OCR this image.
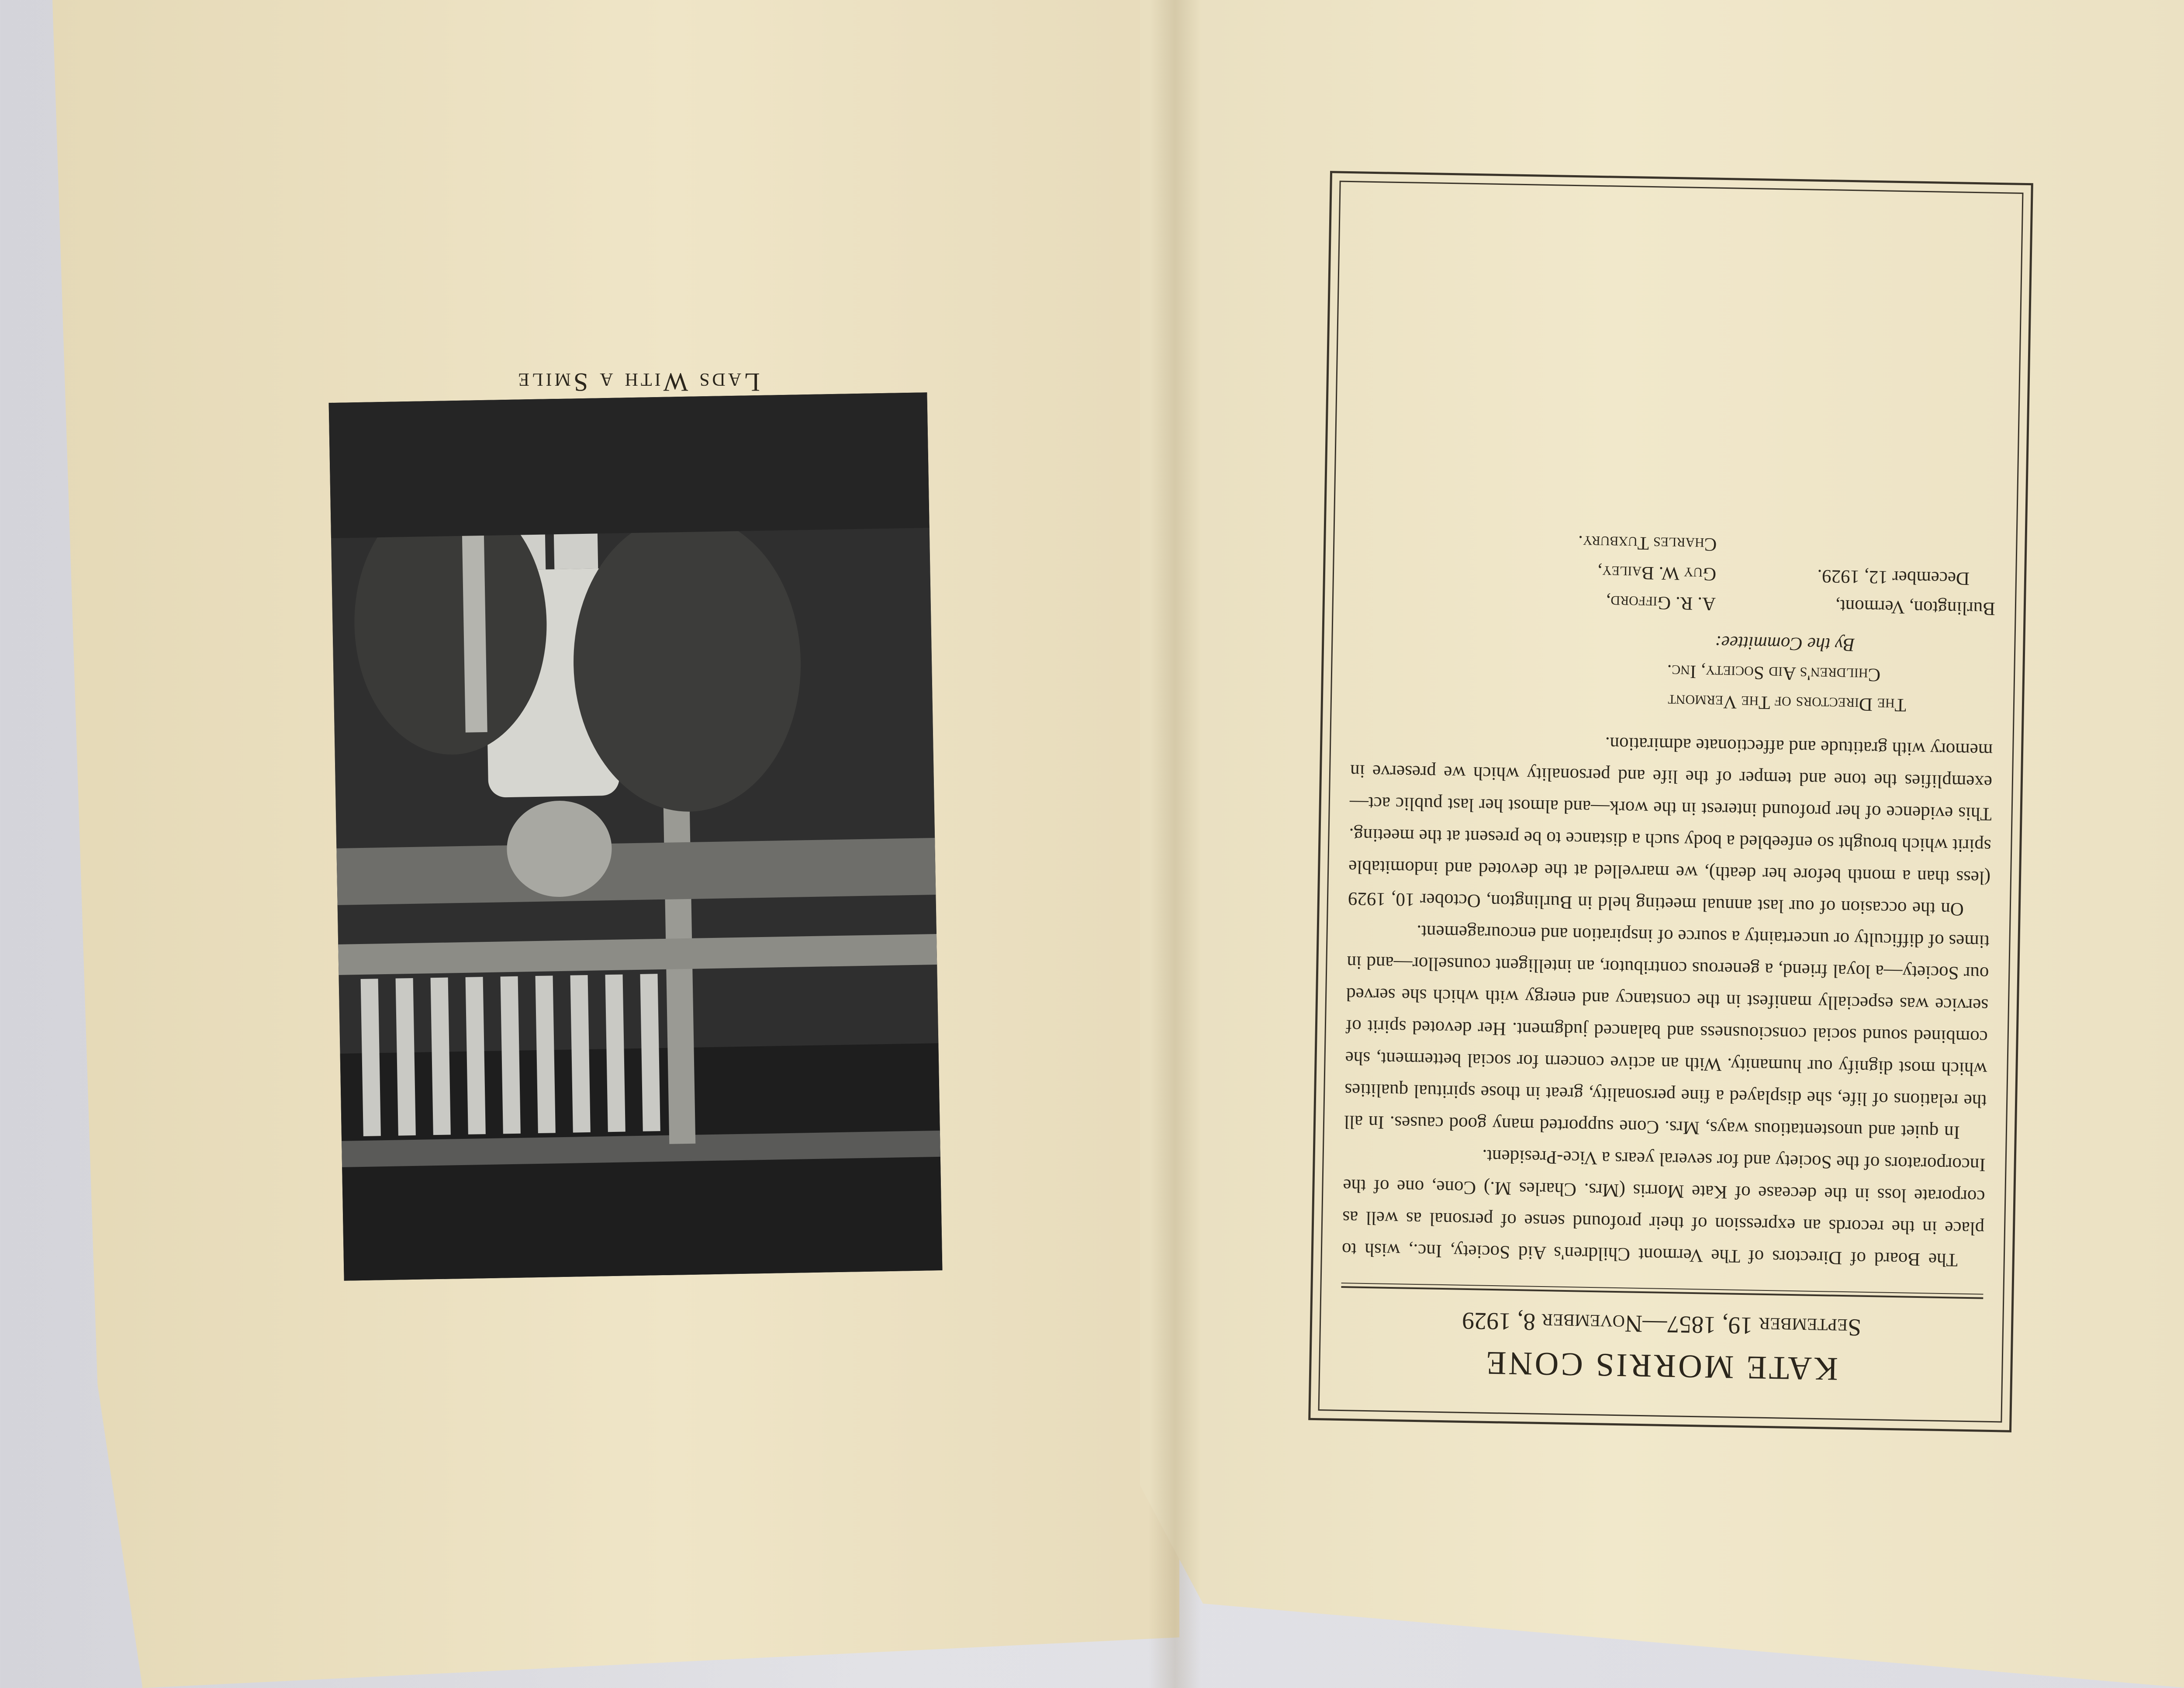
Lads With a Smile
KATE MORRIS CONE
September 19, 1857—November 8, 1929

The Board of Directors of The Vermont Children's Aid Society, Inc., wish to place in the records an expression of their profound sense of personal as well as corporate loss in the decease of Kate Morris (Mrs. Charles M.) Cone, one of the Incorporators of the Society and for several years a Vice-President.

In quiet and unostentatious ways, Mrs. Cone supported many good causes. In all the relations of life, she displayed a fine personality, great in those spiritual qualities which most dignify our humanity. With an active concern for social betterment, she combined sound social consciousness and balanced judgment. Her devoted spirit of service was especially manifest in the constancy and energy with which she served our Society—a loyal friend, a generous contributor, an intelligent counsellor—and in times of difficulty or uncertainty a source of inspiration and encouragement.

On the occasion of our last annual meeting held in Burlington, October 10, 1929 (less than a month before her death), we marvelled at the devoted and indomitable spirit which brought so enfeebled a body such a distance to be present at the meeting. This evidence of her profound interest in the work—and almost her last public act—exemplifies the tone and temper of the life and personality which we preserve in memory with gratitude and affectionate admiration.

The Directors of The Vermont
Children's Aid Society, Inc.
By the Committee:
Burlington, Vermont,
December 12, 1929.
A. R. Gifford,
Guy W. Bailey,
Charles Tuxbury.
